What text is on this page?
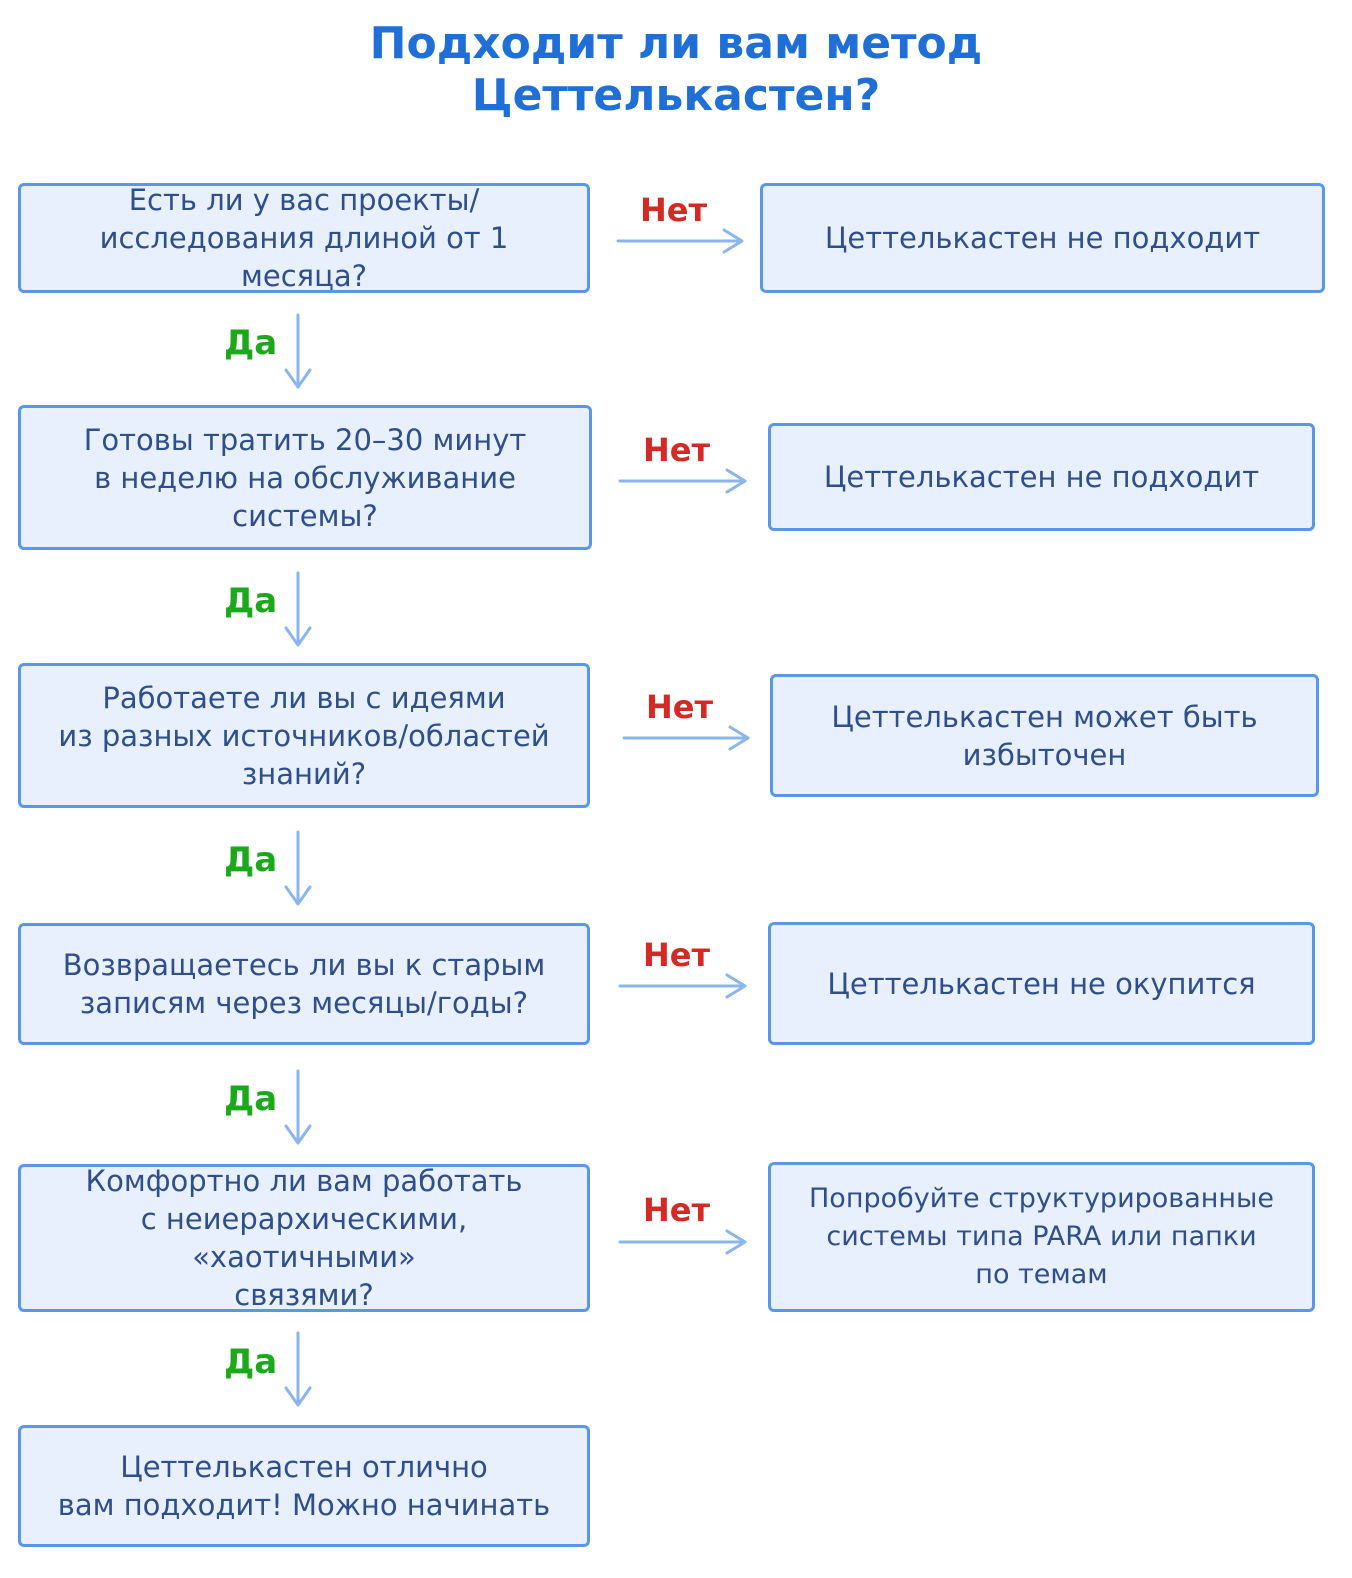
Подходит ли вам метод
Цеттелькастен?
Есть ли у вас проекты/
исследования длиной от 1 месяца?
Готовы тратить 20–30 минут
в неделю на обслуживание
системы?
Работаете ли вы с идеями
из разных источников/областей
знаний?
Возвращаетесь ли вы к старым
записям через месяцы/годы?
Комфортно ли вам работать
с неиерархическими, «хаотичными»
связями?
Цеттелькастен отлично
вам подходит! Можно начинать
Цеттелькастен не подходит
Цеттелькастен не подходит
Цеттелькастен может быть
избыточен
Цеттелькастен не окупится
Попробуйте структурированные
системы типа PARA или папки
по темам
Да
Да
Да
Да
Да
Нет
Нет
Нет
Нет
Нет
